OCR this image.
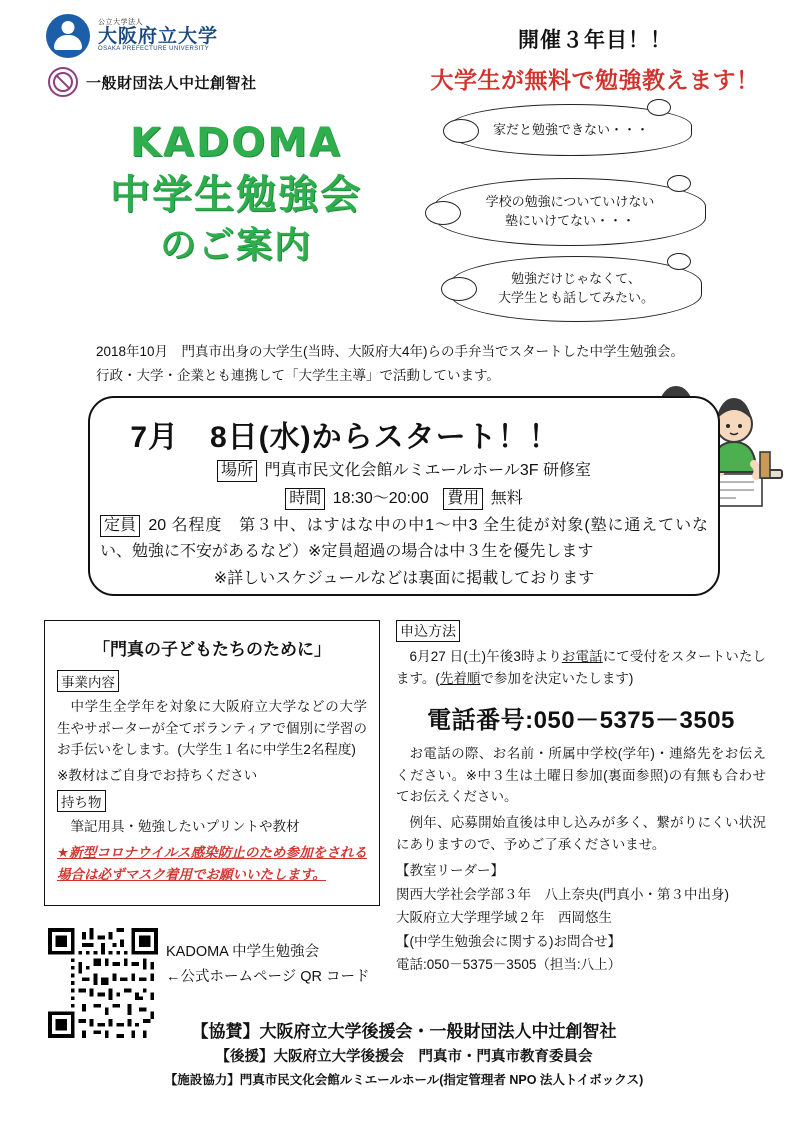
公立大学法人
大阪府立大学
OSAKA PREFECTURE UNIVERSITY
一般財団法人中辻創智社
開催３年目！！
大学生が無料で勉強教えます！
KADOMA
中学生勉強会
のご案内
家だと勉強できない・・・
学校の勉強についていけない
塾にいけてない・・・
勉強だけじゃなくて、
大学生とも話してみたい。
2018年10月　門真市出身の大学生(当時、大阪府大4年)らの手弁当でスタートした中学生勉強会。
行政・大学・企業とも連携して「大学生主導」で活動しています。
7月　8日(水)からスタート！！
場所 門真市民文化会館ルミエールホール3F 研修室
時間 18:30～20:00 費用 無料
定員 20 名程度　第３中、はすはな中の中1～中3 全生徒が対象(塾に通えていない、勉強に不安があるなど）※定員超過の場合は中３生を優先します
※詳しいスケジュールなどは裏面に掲載しております
「門真の子どもたちのために」
事業内容

中学生全学年を対象に大阪府立大学などの大学生やサポーターが全てボランティアで個別に学習のお手伝いをします。(大学生１名に中学生2名程度)

※教材はご自身でお持ちください

持ち物

筆記用具・勉強したいプリントや教材

★新型コロナウイルス感染防止のため参加をされる場合は必ずマスク着用でお願いいたします。

申込方法

6月27 日(土)午後3時よりお電話にて受付をスタートいたします。(先着順で参加を決定いたします)

電話番号:050－5375－3505

お電話の際、お名前・所属中学校(学年)・連絡先をお伝えください。※中３生は土曜日参加(裏面参照)の有無も合わせてお伝えください。

例年、応募開始直後は申し込みが多く、繋がりにくい状況にありますので、予めご了承くださいませ。

【教室リーダー】
関西大学社会学部３年　八上奈央(門真小・第３中出身)
大阪府立大学理学域２年　西岡悠生
【(中学生勉強会に関する)お問合せ】
電話:050－5375－3505（担当:八上）
KADOMA 中学生勉強会
←公式ホームページ QR コード
【協賛】大阪府立大学後援会・一般財団法人中辻創智社
【後援】大阪府立大学後援会　門真市・門真市教育委員会
【施設協力】門真市民文化会館ルミエールホール(指定管理者 NPO 法人トイボックス)
